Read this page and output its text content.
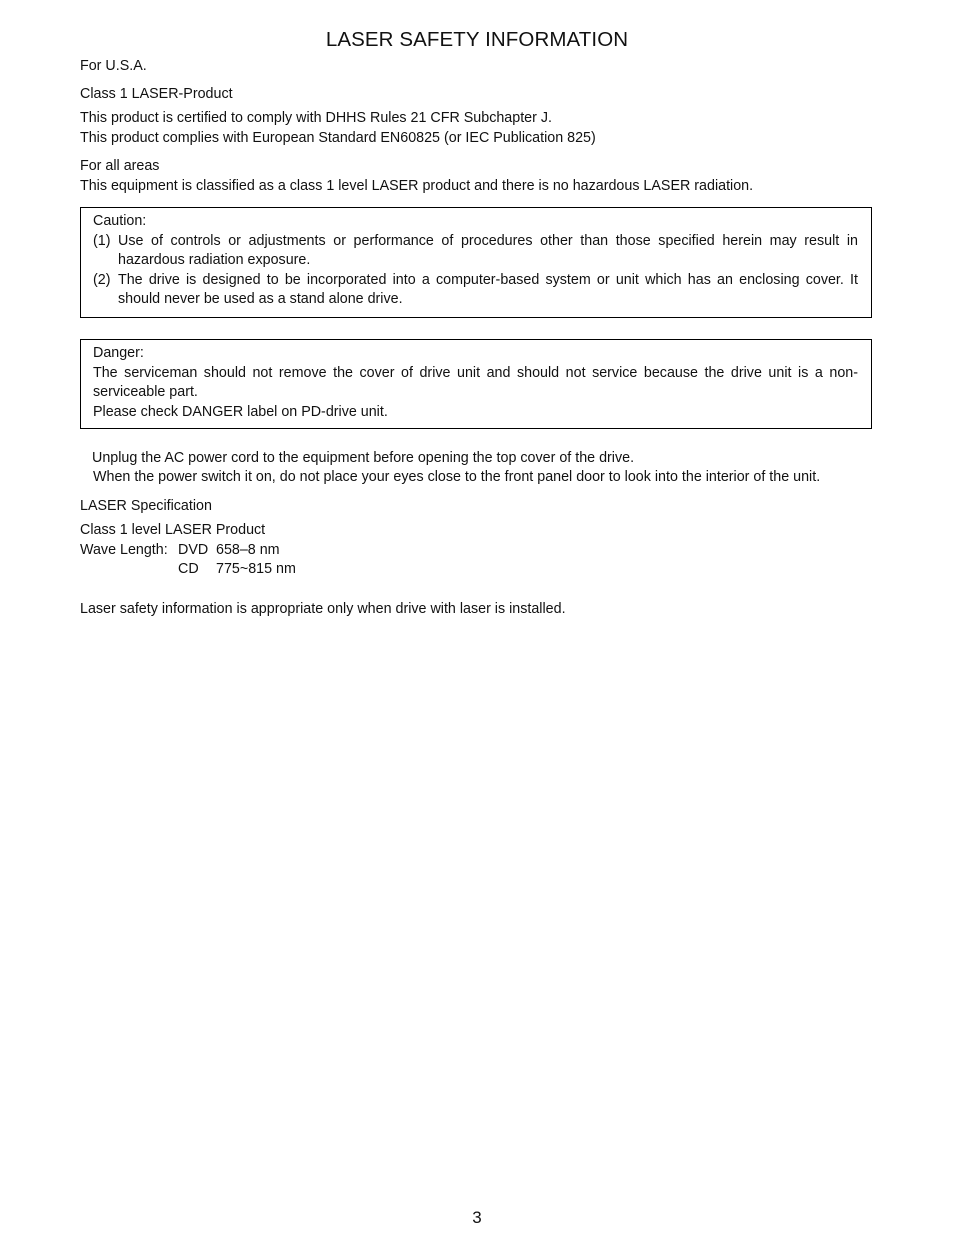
LASER SAFETY INFORMATION
For U.S.A.
Class 1 LASER-Product
This product is certified to comply with DHHS Rules 21 CFR Subchapter J.
This product complies with European Standard EN60825 (or IEC Publication 825)
For all areas
This equipment is classified as a class 1 level LASER product and there is no hazardous LASER radiation.
Caution:
(1) Use of controls or adjustments or performance of procedures other than those specified herein may result in hazardous radiation exposure.
(2) The drive is designed to be incorporated into a computer-based system or unit which has an enclosing cover. It should never be used as a stand alone drive.
Danger:
The serviceman should not remove the cover of drive unit and should not service because the drive unit is a non-serviceable part.
Please check DANGER label on PD-drive unit.
Unplug the AC power cord to the equipment before opening the top cover of the drive.
When the power switch it on, do not place your eyes close to the front panel door to look into the interior of the unit.
LASER Specification
Class 1 level LASER Product
Wave Length: DVD 658–8 nm
CD 775~815 nm
Laser safety information is appropriate only when drive with laser is installed.
3
